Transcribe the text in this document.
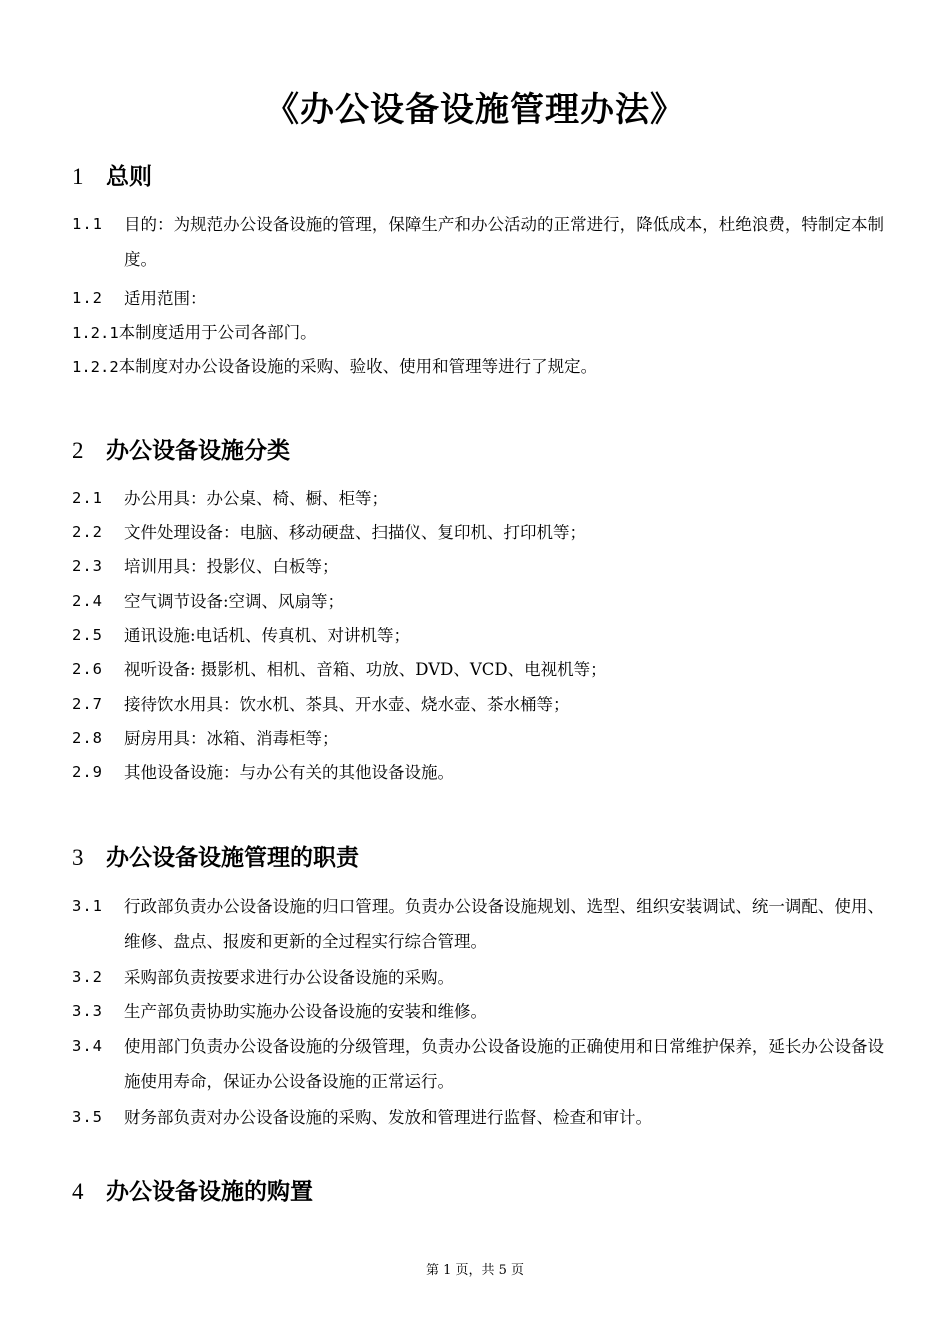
《办公设备设施管理办法》
1 总则
1.1	目的：为规范办公设备设施的管理，保障生产和办公活动的正常进行，降低成本，杜绝浪费，特制定本制度。
1.2	适用范围：
1.2.1本制度适用于公司各部门。
1.2.2本制度对办公设备设施的采购、验收、使用和管理等进行了规定。
2 办公设备设施分类
2.1	办公用具：办公桌、椅、橱、柜等；
2.2	文件处理设备：电脑、移动硬盘、扫描仪、复印机、打印机等；
2.3	培训用具：投影仪、白板等；
2.4	空气调节设备:空调、风扇等；
2.5	通讯设施:电话机、传真机、对讲机等；
2.6	视听设备: 摄影机、相机、音箱、功放、DVD、VCD、电视机等；
2.7	接待饮水用具：饮水机、茶具、开水壶、烧水壶、茶水桶等；
2.8	厨房用具：冰箱、消毒柜等；
2.9	其他设备设施：与办公有关的其他设备设施。
3 办公设备设施管理的职责
3.1	行政部负责办公设备设施的归口管理。负责办公设备设施规划、选型、组织安装调试、统一调配、使用、维修、盘点、报废和更新的全过程实行综合管理。
3.2	采购部负责按要求进行办公设备设施的采购。
3.3	生产部负责协助实施办公设备设施的安装和维修。
3.4	使用部门负责办公设备设施的分级管理，负责办公设备设施的正确使用和日常维护保养，延长办公设备设施使用寿命，保证办公设备设施的正常运行。
3.5	财务部负责对办公设备设施的采购、发放和管理进行监督、检查和审计。
4 办公设备设施的购置
第 1 页，共 5 页
